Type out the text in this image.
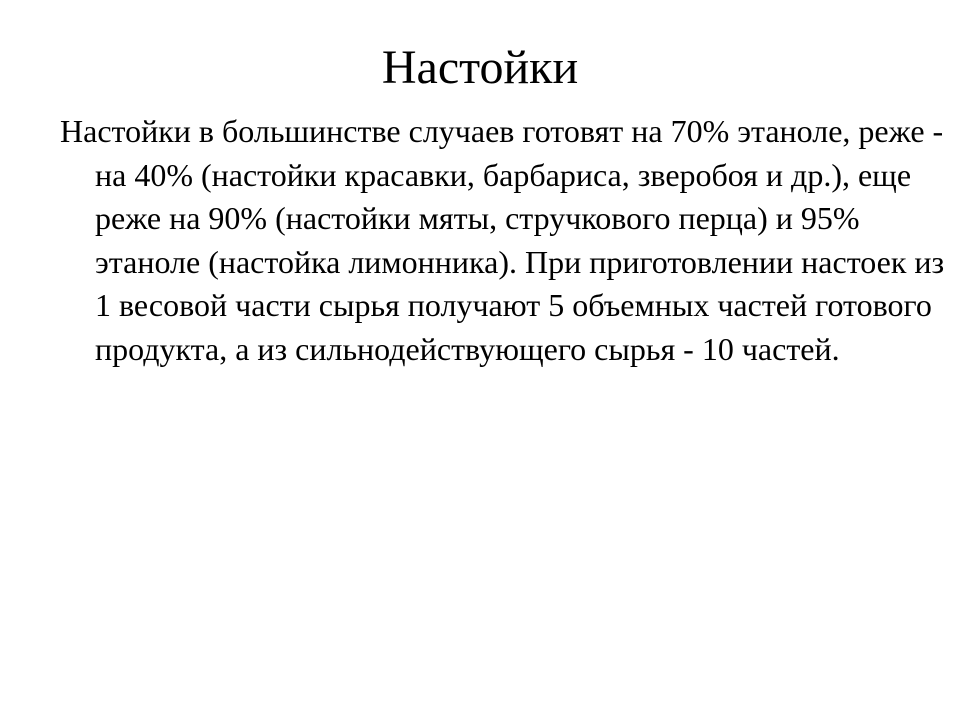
Настойки

Настойки в большинстве случаев готовят на 70% этаноле, реже - на 40% (настойки красавки, барбариса, зверобоя и др.), еще реже на 90% (настойки мяты, стручкового перца) и 95% этаноле (настойка лимонника). При приготовлении настоек из 1 весовой части сырья получают 5 объемных частей готового продукта, а из сильнодействующего сырья - 10 частей.
